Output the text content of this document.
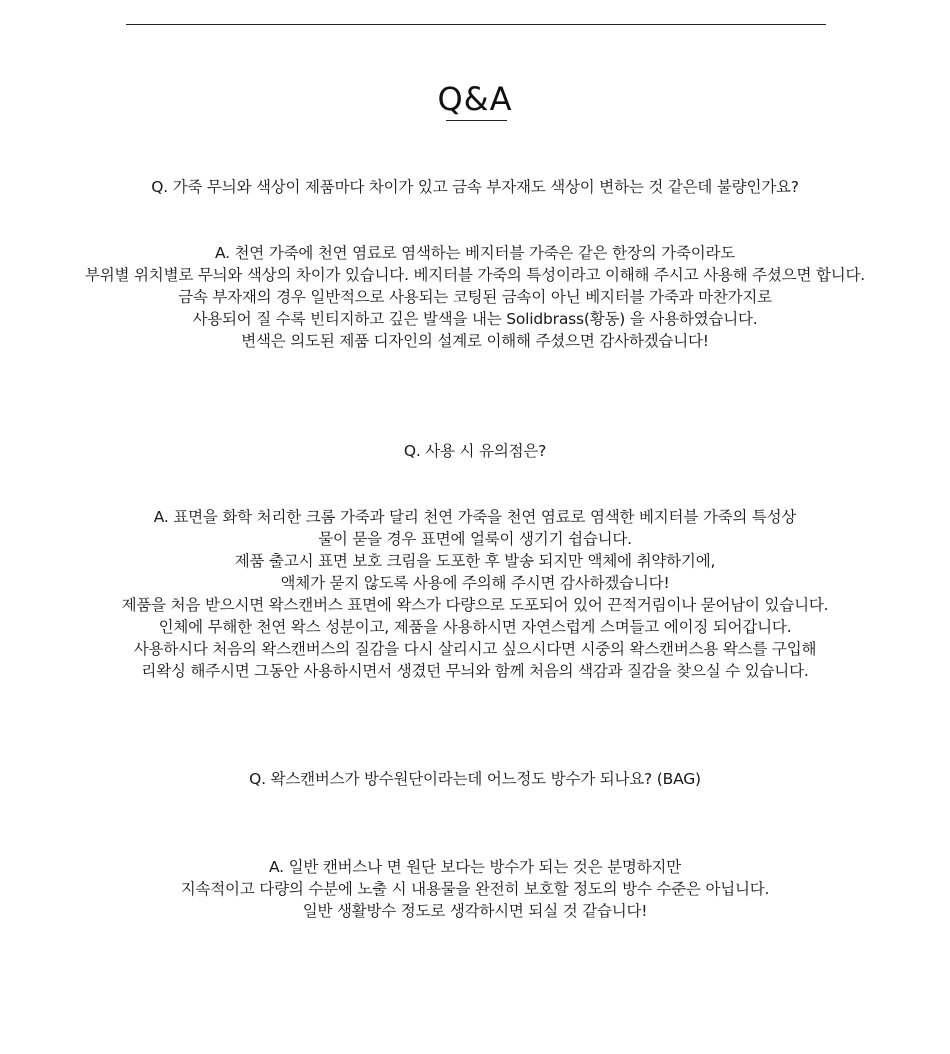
Q&A
Q. 가죽 무늬와 색상이 제품마다 차이가 있고 금속 부자재도 색상이 변하는 것 같은데 불량인가요?
A. 천연 가죽에 천연 염료로 염색하는 베지터블 가죽은 같은 한장의 가죽이라도
부위별 위치별로 무늬와 색상의 차이가 있습니다. 베지터블 가죽의 특성이라고 이해해 주시고 사용해 주셨으면 합니다.
금속 부자재의 경우 일반적으로 사용되는 코팅된 금속이 아닌 베지터블 가죽과 마찬가지로
사용되어 질 수록 빈티지하고 깊은 발색을 내는 Solidbrass(황동) 을 사용하였습니다.
변색은 의도된 제품 디자인의 설계로 이해해 주셨으면 감사하겠습니다!
Q. 사용 시 유의점은?
A. 표면을 화학 처리한 크롬 가죽과 달리 천연 가죽을 천연 염료로 염색한 베지터블 가죽의 특성상
물이 묻을 경우 표면에 얼룩이 생기기 쉽습니다.
제품 출고시 표면 보호 크림을 도포한 후 발송 되지만 액체에 취약하기에,
액체가 묻지 않도록 사용에 주의해 주시면 감사하겠습니다!
제품을 처음 받으시면 왁스캔버스 표면에 왁스가 다량으로 도포되어 있어 끈적거림이나 묻어남이 있습니다.
인체에 무해한 천연 왁스 성분이고, 제품을 사용하시면 자연스럽게 스며들고 에이징 되어갑니다.
사용하시다 처음의 왁스캔버스의 질감을 다시 살리시고 싶으시다면 시중의 왁스캔버스용 왁스를 구입해
리왁싱 해주시면 그동안 사용하시면서 생겼던 무늬와 함께 처음의 색감과 질감을 찾으실 수 있습니다.
Q. 왁스캔버스가 방수원단이라는데 어느정도 방수가 되나요? (BAG)
A. 일반 캔버스나 면 원단 보다는 방수가 되는 것은 분명하지만
지속적이고 다량의 수분에 노출 시 내용물을 완전히 보호할 정도의 방수 수준은 아닙니다.
일반 생활방수 정도로 생각하시면 되실 것 같습니다!
